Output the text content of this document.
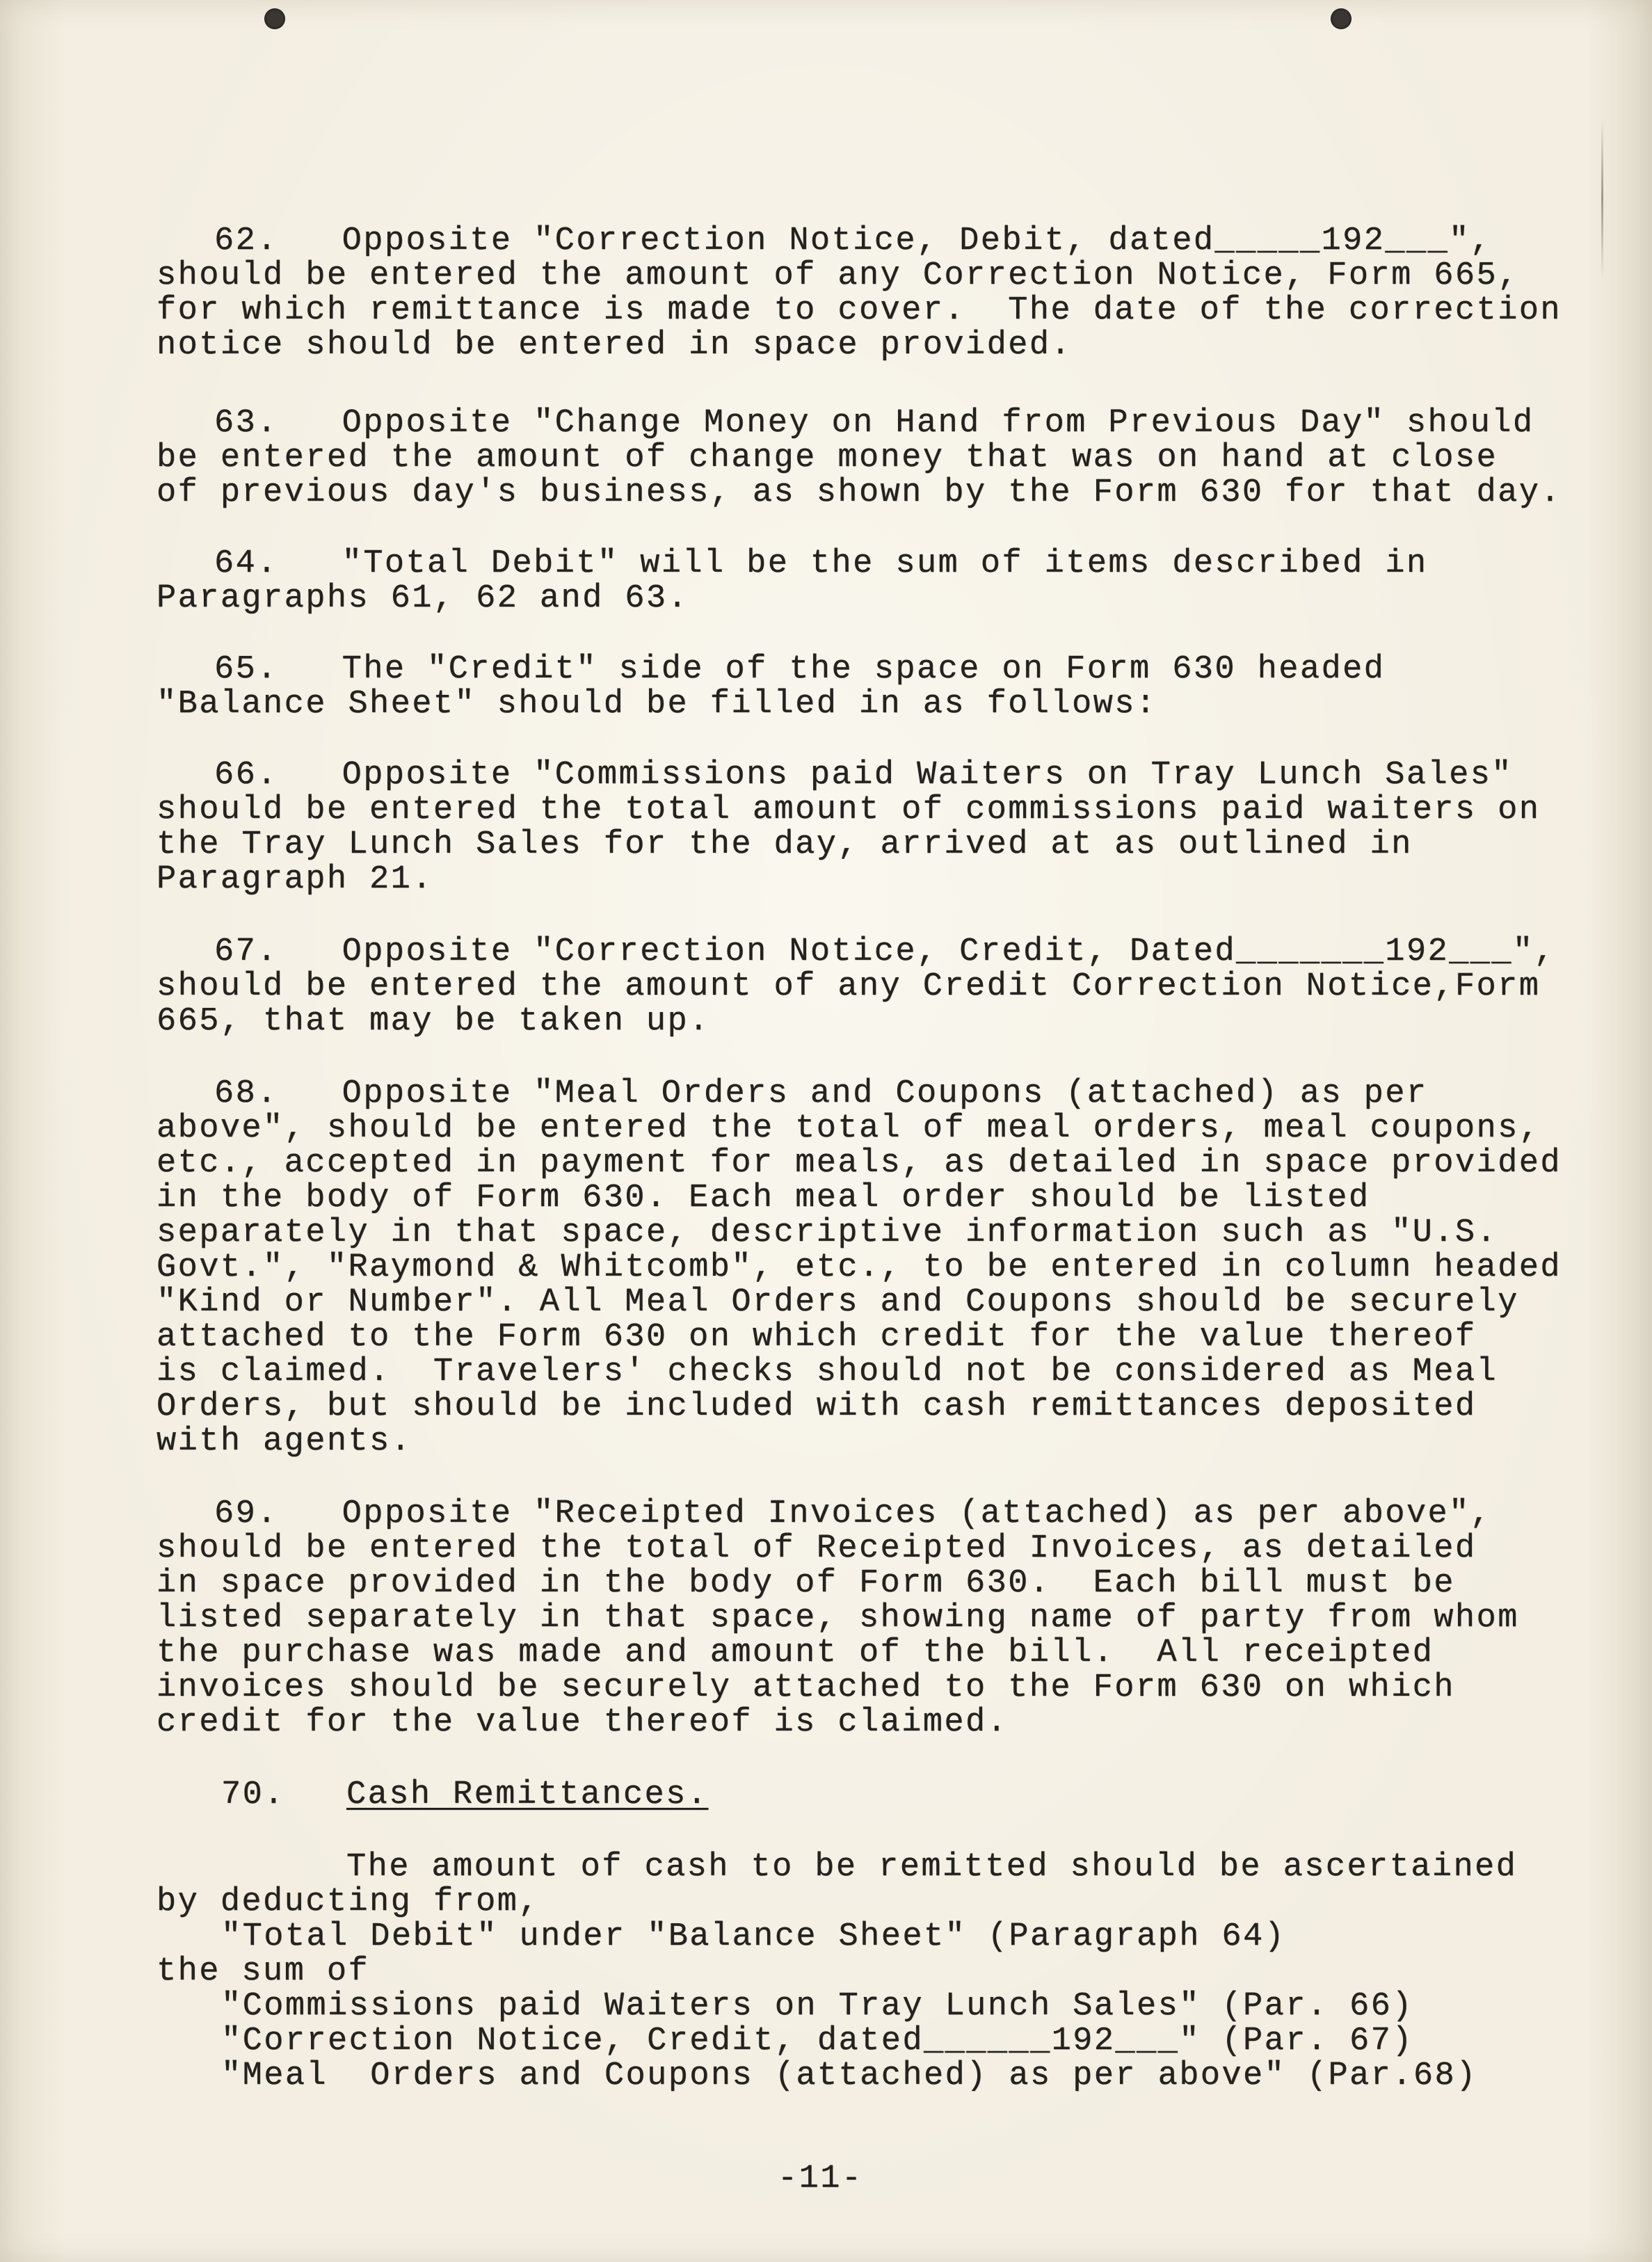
62.   Opposite "Correction Notice, Debit, dated_____192___",
should be entered the amount of any Correction Notice, Form 665,
for which remittance is made to cover.  The date of the correction
notice should be entered in space provided.
63.   Opposite "Change Money on Hand from Previous Day" should
be entered the amount of change money that was on hand at close
of previous day's business, as shown by the Form 630 for that day.
64.   "Total Debit" will be the sum of items described in
Paragraphs 61, 62 and 63.
65.   The "Credit" side of the space on Form 630 headed
"Balance Sheet" should be filled in as follows:
66.   Opposite "Commissions paid Waiters on Tray Lunch Sales"
should be entered the total amount of commissions paid waiters on
the Tray Lunch Sales for the day, arrived at as outlined in
Paragraph 21.
67.   Opposite "Correction Notice, Credit, Dated_______192___",
should be entered the amount of any Credit Correction Notice,Form
665, that may be taken up.
68.   Opposite "Meal Orders and Coupons (attached) as per
above", should be entered the total of meal orders, meal coupons,
etc., accepted in payment for meals, as detailed in space provided
in the body of Form 630. Each meal order should be listed
separately in that space, descriptive information such as "U.S.
Govt.", "Raymond & Whitcomb", etc., to be entered in column headed
"Kind or Number". All Meal Orders and Coupons should be securely
attached to the Form 630 on which credit for the value thereof
is claimed.  Travelers' checks should not be considered as Meal
Orders, but should be included with cash remittances deposited
with agents.
69.   Opposite "Receipted Invoices (attached) as per above",
should be entered the total of Receipted Invoices, as detailed
in space provided in the body of Form 630.  Each bill must be
listed separately in that space, showing name of party from whom
the purchase was made and amount of the bill.  All receipted
invoices should be securely attached to the Form 630 on which
credit for the value thereof is claimed.
70. Cash Remittances.
The amount of cash to be remitted should be ascertained
by deducting from,
"Total Debit" under "Balance Sheet" (Paragraph 64)
the sum of
"Commissions paid Waiters on Tray Lunch Sales" (Par. 66)
"Correction Notice, Credit, dated______192___" (Par. 67)
"Meal  Orders and Coupons (attached) as per above" (Par.68)
-11-
